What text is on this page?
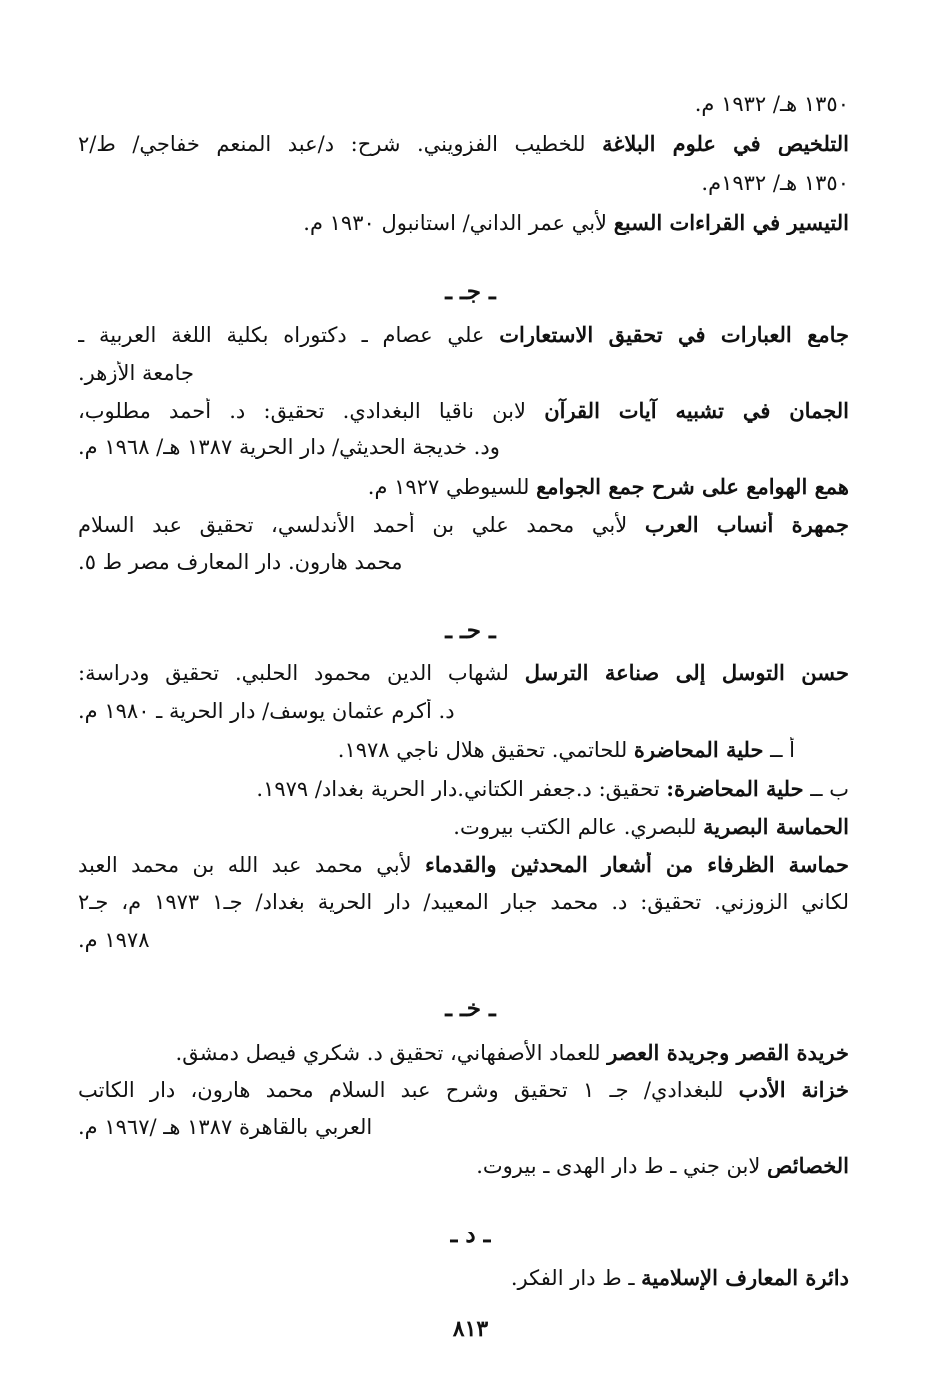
١٣٥٠ هـ/ ١٩٣٢ م.
التلخيص في علوم البلاغة للخطيب الفزويني. شرح: د/عبد المنعم خفاجي/ ط/٢
١٣٥٠ هـ/ ١٩٣٢م.
التيسير في القراءات السبع لأبي عمر الداني/ استانبول ١٩٣٠ م.
ـ جـ ـ
جامع العبارات في تحقيق الاستعارات علي عصام ـ دكتوراه بكلية اللغة العربية ـ
جامعة الأزهر.
الجمان في تشبيه آيات القرآن لابن ناقيا البغدادي. تحقيق: د. أحمد مطلوب،
ود. خديجة الحديثي/ دار الحرية ١٣٨٧ هـ/ ١٩٦٨ م.
همع الهوامع على شرح جمع الجوامع للسيوطي ١٩٢٧ م.
جمهرة أنساب العرب لأبي محمد علي بن أحمد الأندلسي، تحقيق عبد السلام
محمد هارون. دار المعارف مصر ط ٥.
ـ حـ ـ
حسن التوسل إلى صناعة الترسل لشهاب الدين محمود الحلبي. تحقيق ودراسة:
د. أكرم عثمان يوسف/ دار الحرية ـ ١٩٨٠ م.
أ ــ حلية المحاضرة للحاتمي. تحقيق هلال ناجي ١٩٧٨.
ب ــ حلية المحاضرة: تحقيق: د.جعفر الكتاني.دار الحرية بغداد/ ١٩٧٩.
الحماسة البصرية للبصري. عالم الكتب بيروت.
حماسة الظرفاء من أشعار المحدثين والقدماء لأبي محمد عبد الله بن محمد العبد
لكاني الزوزني. تحقيق: د. محمد جبار المعيبد/ دار الحرية بغداد/ جـ١ ١٩٧٣ م، جـ٢
١٩٧٨ م.
ـ خـ ـ
خريدة القصر وجريدة العصر للعماد الأصفهاني، تحقيق د. شكري فيصل دمشق.
خزانة الأدب للبغدادي/ جـ ١ تحقيق وشرح عبد السلام محمد هارون، دار الكاتب
العربي بالقاهرة ١٣٨٧ هـ /١٩٦٧ م.
الخصائص لابن جني ـ ط دار الهدى ـ بيروت.
ـ د ـ
دائرة المعارف الإسلامية ـ ط دار الفكر.
٨١٣
